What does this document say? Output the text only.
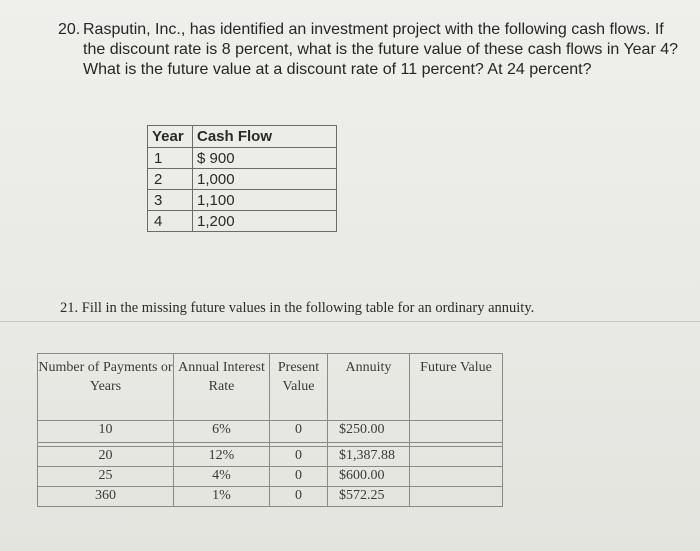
20. Rasputin, Inc., has identified an investment project with the following cash flows. If the discount rate is 8 percent, what is the future value of these cash flows in Year 4? What is the future value at a discount rate of 11 percent? At 24 percent?
Year	Cash Flow
1	$ 900
2	1,000
3	1,100
4	1,200
21. Fill in the missing future values in the following table for an ordinary annuity.
Number of Payments or Years	Annual Interest Rate	Present Value	Annuity	Future Value
10	6%	0	$250.00	

20	12%	0	$1,387.88	
25	4%	0	$600.00	
360	1%	0	$572.25	
